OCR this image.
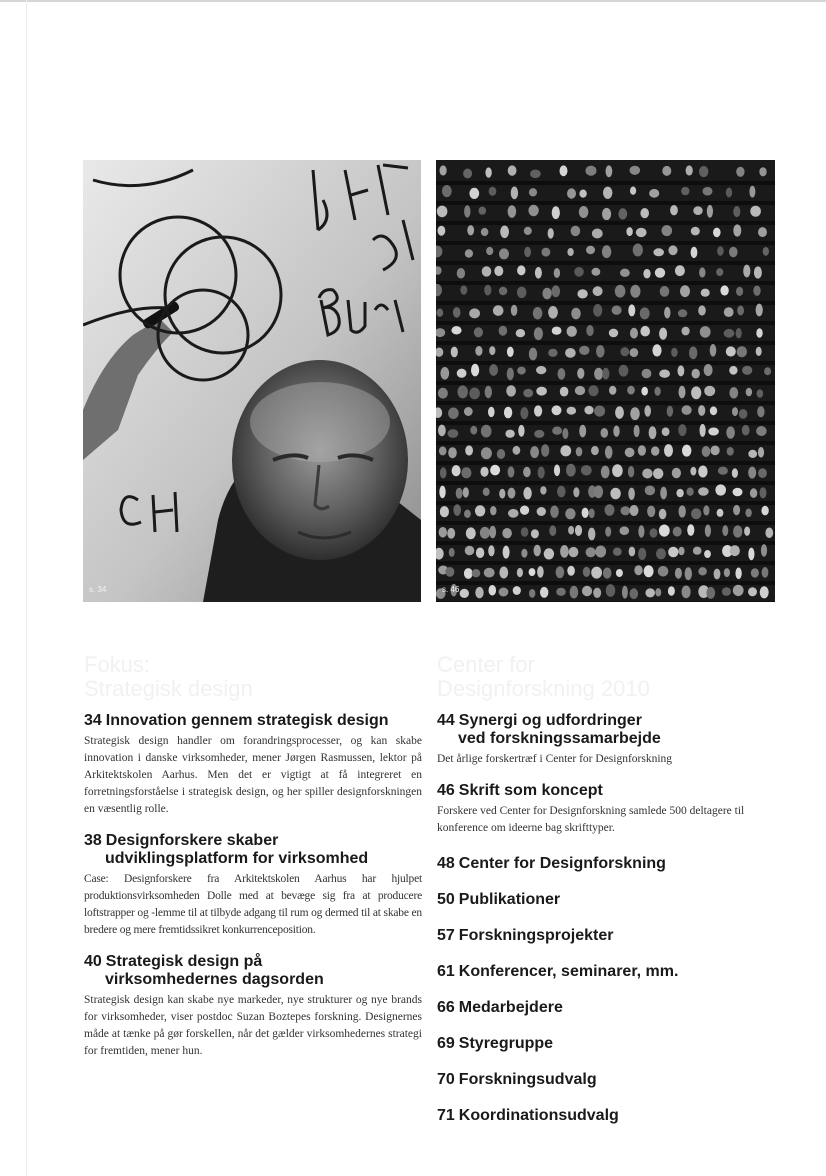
s. 34	s. 46
Fokus:
Strategisk design
Center for
Designforskning 2010
34 Innovation gennem strategisk design

Strategisk design handler om forandringsprocesser, og kan skabe innovation i danske virksomheder, mener Jørgen Rasmussen, lektor på Arkitektskolen Aarhus. Men det er vigtigt at få integreret en forretningsforståelse i strategisk design, og her spiller designforskningen en væsentlig rolle.

38 Designforskere skaber
udviklingsplatform for virksomhed

Case: Designforskere fra Arkitektskolen Aarhus har hjulpet produktionsvirksomheden Dolle med at bevæge sig fra at producere loftstrapper og -lemme til at tilbyde adgang til rum og dermed til at skabe en bredere og mere fremtidssikret konkurrenceposition.

40 Strategisk design på
virksomhedernes dagsorden

Strategisk design kan skabe nye markeder, nye strukturer og nye brands for virksomheder, viser postdoc Suzan Boztepes forskning. Designernes måde at tænke på gør forskellen, når det gælder virksomhedernes strategi for fremtiden, mener hun.

44 Synergi og udfordringer
ved forskningssamarbejde

Det årlige forskertræf i Center for Designforskning

46 Skrift som koncept

Forskere ved Center for Designforskning samlede 500 deltagere til konference om ideerne bag skrifttyper.

48 Center for Designforskning
50 Publikationer
57 Forskningsprojekter
61 Konferencer, seminarer, mm.
66 Medarbejdere
69 Styregruppe
70 Forskningsudvalg
71 Koordinationsudvalg
